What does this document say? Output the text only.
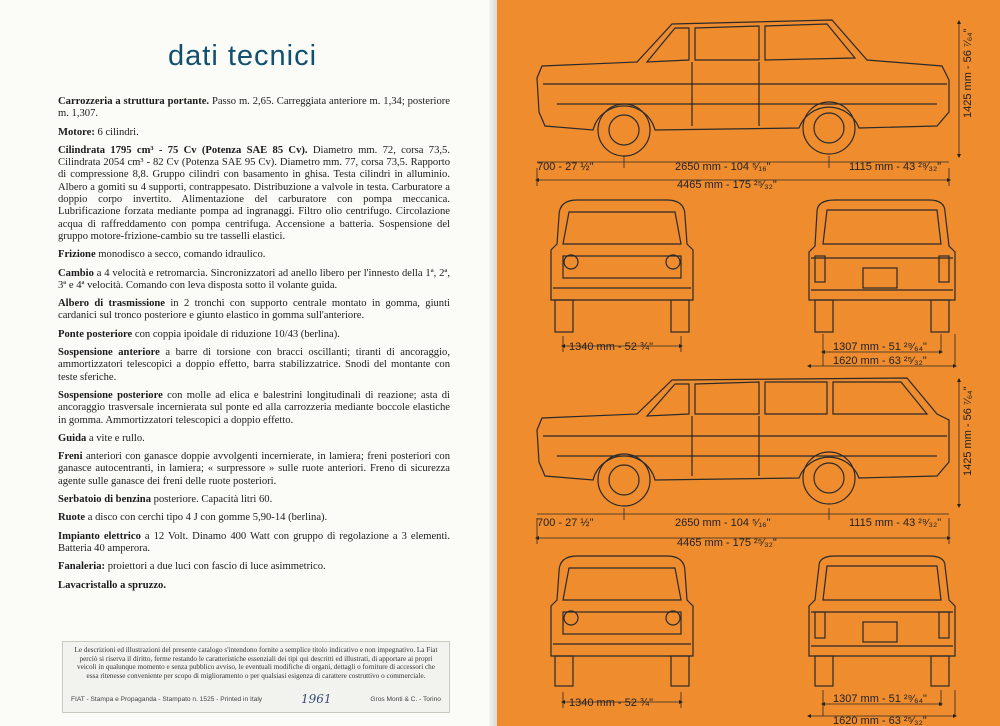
dati tecnici
Carrozzeria a struttura portante. Passo m. 2,65. Carreggiata anteriore m. 1,34; posteriore m. 1,307.
Motore: 6 cilindri.
Cilindrata 1795 cm³ - 75 Cv (Potenza SAE 85 Cv). Diametro mm. 72, corsa 73,5. Cilindrata 2054 cm³ - 82 Cv (Potenza SAE 95 Cv). Diametro mm. 77, corsa 73,5. Rapporto di compressione 8,8. Gruppo cilindri con basamento in ghisa. Testa cilindri in alluminio. Albero a gomiti su 4 supporti, contrappesato. Distribuzione a valvole in testa. Carburatore a doppio corpo invertito. Alimentazione del carburatore con pompa meccanica. Lubrificazione forzata mediante pompa ad ingranaggi. Filtro olio centrifugo. Circolazione acqua di raffreddamento con pompa centrifuga. Accensione a batteria. Sospensione del gruppo motore-frizione-cambio su tre tasselli elastici.
Frizione monodisco a secco, comando idraulico.
Cambio a 4 velocità e retromarcia. Sincronizzatori ad anello libero per l'innesto della 1ª, 2ª, 3ª e 4ª velocità. Comando con leva disposta sotto il volante guida.
Albero di trasmissione in 2 tronchi con supporto centrale montato in gomma, giunti cardanici sul tronco posteriore e giunto elastico in gomma sull'anteriore.
Ponte posteriore con coppia ipoidale di riduzione 10/43 (berlina).
Sospensione anteriore a barre di torsione con bracci oscillanti; tiranti di ancoraggio, ammortizzatori telescopici a doppio effetto, barra stabilizzatrice. Snodi del montante con teste sferiche.
Sospensione posteriore con molle ad elica e balestrini longitudinali di reazione; asta di ancoraggio trasversale incernierata sul ponte ed alla carrozzeria mediante boccole elastiche in gomma. Ammortizzatori telescopici a doppio effetto.
Guida a vite e rullo.
Freni anteriori con ganasce doppie avvolgenti incernierate, in lamiera; freni posteriori con ganasce autocentranti, in lamiera; « surpressore » sulle ruote anteriori. Freno di sicurezza agente sulle ganasce dei freni delle ruote posteriori.
Serbatoio di benzina posteriore. Capacità litri 60.
Ruote a disco con cerchi tipo 4 J con gomme 5,90-14 (berlina).
Impianto elettrico a 12 Volt. Dinamo 400 Watt con gruppo di regolazione a 3 elementi. Batteria 40 amperora.
Fanaleria: proiettori a due luci con fascio di luce asimmetrico.
Lavacristallo a spruzzo.
Le descrizioni ed illustrazioni del presente catalogo s'intendono fornite a semplice titolo indicativo e non impegnativo. La Fiat perciò si riserva il diritto, ferme restando le caratteristiche essenziali dei tipi qui descritti ed illustrati, di apportare ai propri veicoli in qualunque momento e senza pubblico avviso, le eventuali modifiche di organi, dettagli o forniture di accessori che essa ritenesse conveniente per scopo di miglioramento o per qualsiasi esigenza di carattere costruttivo o commerciale.
FIAT - Stampa e Propaganda - Stampato n. 1525 - Printed in Italy	1961	Gros Monti & C. - Torino
700 - 27 ½"	2650 mm - 104 ⁵⁄₁₆"	1115 mm - 43 ²⁹⁄₃₂"
4465 mm - 175 ²⁵⁄₃₂"
1425 mm - 56 ⁷⁄₆₄"
1340 mm - 52 ¾"	1307 mm - 51 ²⁹⁄₆₄"
1620 mm - 63 ²⁵⁄₃₂"
700 - 27 ½"	2650 mm - 104 ⁵⁄₁₆"	1115 mm - 43 ²⁹⁄₃₂"
4465 mm - 175 ²⁵⁄₃₂"
1425 mm - 56 ⁷⁄₆₄"
1340 mm - 52 ¾"	1307 mm - 51 ²⁹⁄₆₄"
1620 mm - 63 ²⁵⁄₃₂"
